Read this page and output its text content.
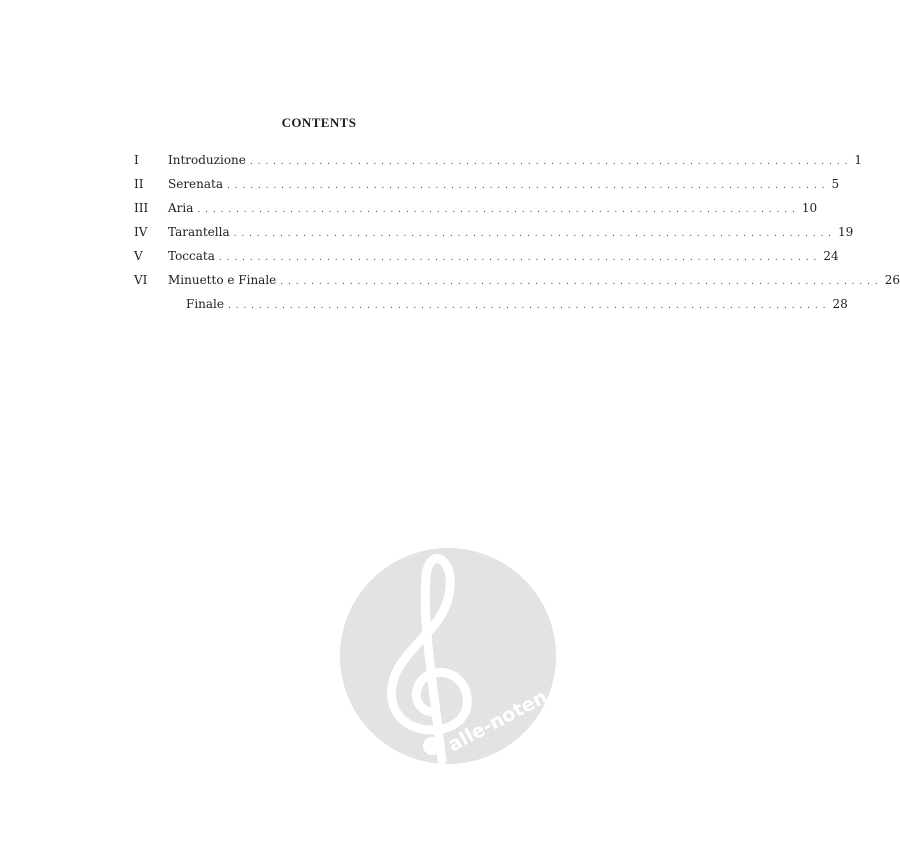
CONTENTS
I	Introduzione . . .	1
II	Serenata . . .	5
III	Aria . . .	10
IV	Tarantella . . .	19
V	Toccata . . .	24
VI	Minuetto e Finale . . .	26
Finale . . .	28
alle-noten.de
